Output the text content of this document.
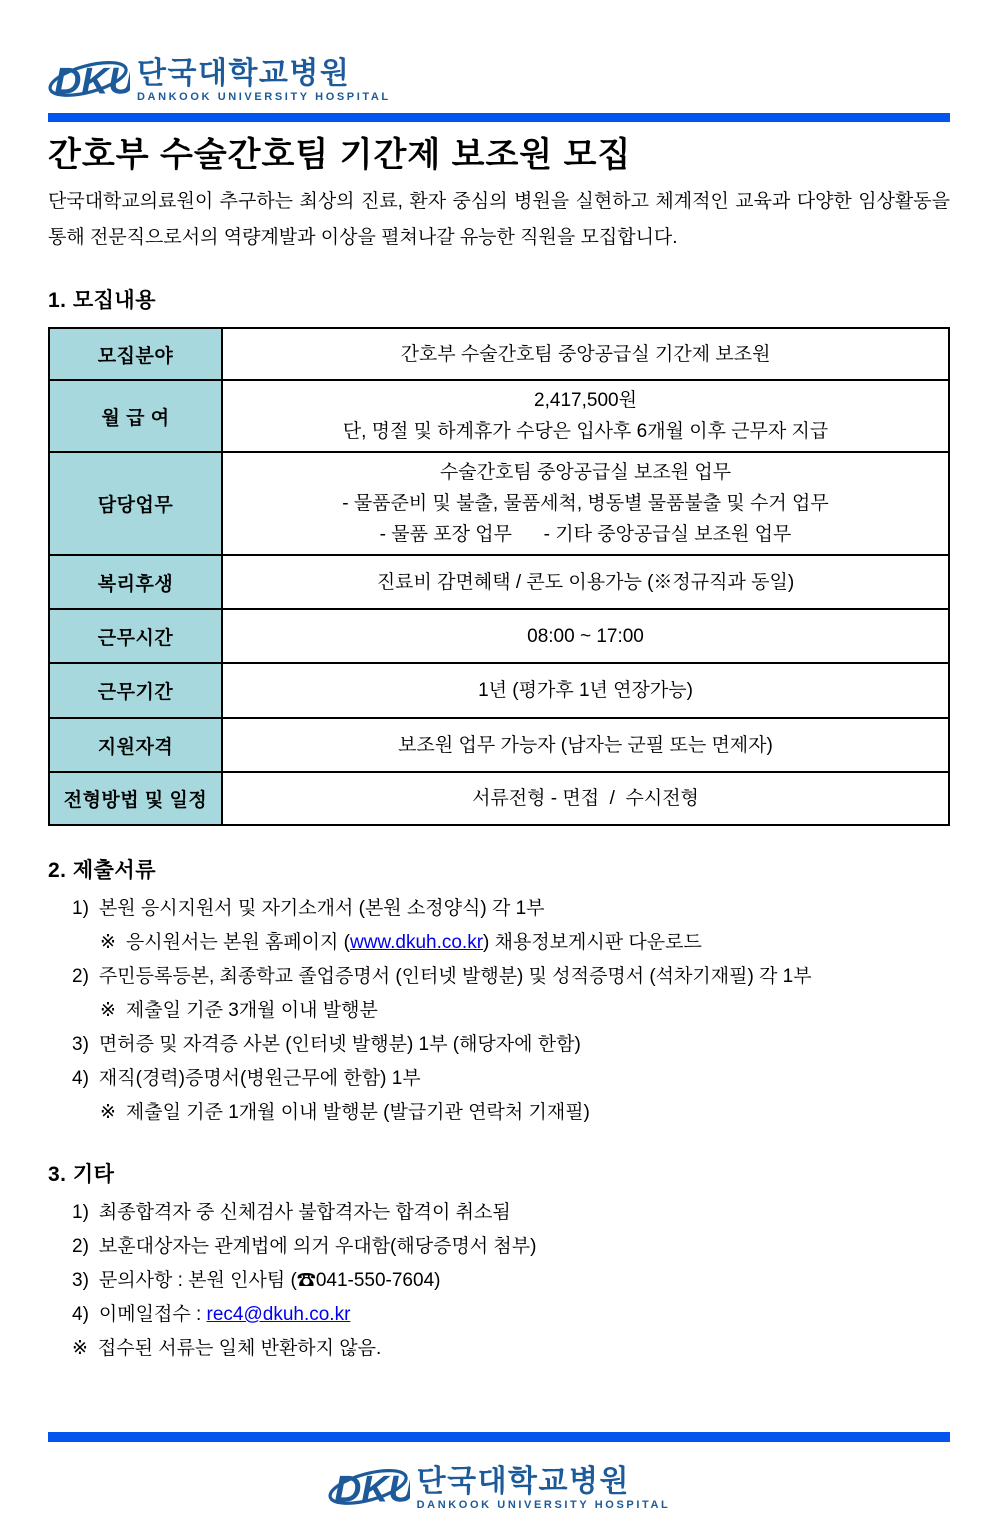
DKU 단국대학교병원
DANKOOK UNIVERSITY HOSPITAL
간호부 수술간호팀 기간제 보조원 모집
단국대학교의료원이 추구하는 최상의 진료, 환자 중심의 병원을 실현하고 체계적인 교육과 다양한 임상활동을 통해 전문직으로서의 역량계발과 이상을 펼쳐나갈 유능한 직원을 모집합니다.
1. 모집내용
모집분야	간호부 수술간호팀 중앙공급실 기간제 보조원

월 급 여	2,417,500원
단, 명절 및 하계휴가 수당은 입사후 6개월 이후 근무자 지급

담당업무	수술간호팀 중앙공급실 보조원 업무
- 물품준비 및 불출, 물품세척, 병동별 물품불출 및 수거 업무
- 물품 포장 업무      - 기타 중앙공급실 보조원 업무

복리후생	진료비 감면혜택 / 콘도 이용가능 (※정규직과 동일)

근무시간	08:00 ~ 17:00

근무기간	1년 (평가후 1년 연장가능)

지원자격	보조원 업무 가능자 (남자는 군필 또는 면제자)

전형방법 및 일정	서류전형 - 면접  /  수시전형
2. 제출서류
1) 본원 응시지원서 및 자기소개서 (본원 소정양식) 각 1부
※ 응시원서는 본원 홈페이지 (www.dkuh.co.kr) 채용정보게시판 다운로드
2) 주민등록등본, 최종학교 졸업증명서 (인터넷 발행분) 및 성적증명서 (석차기재필) 각 1부
※ 제출일 기준 3개월 이내 발행분
3) 면허증 및 자격증 사본 (인터넷 발행분) 1부 (해당자에 한함)
4) 재직(경력)증명서(병원근무에 한함) 1부
※ 제출일 기준 1개월 이내 발행분 (발급기관 연락처 기재필)
3. 기타
1) 최종합격자 중 신체검사 불합격자는 합격이 취소됨
2) 보훈대상자는 관계법에 의거 우대함(해당증명서 첨부)
3) 문의사항 : 본원 인사팀 (☎041-550-7604)
4) 이메일접수 : rec4@dkuh.co.kr
※ 접수된 서류는 일체 반환하지 않음.
DKU 단국대학교병원
DANKOOK UNIVERSITY HOSPITAL
